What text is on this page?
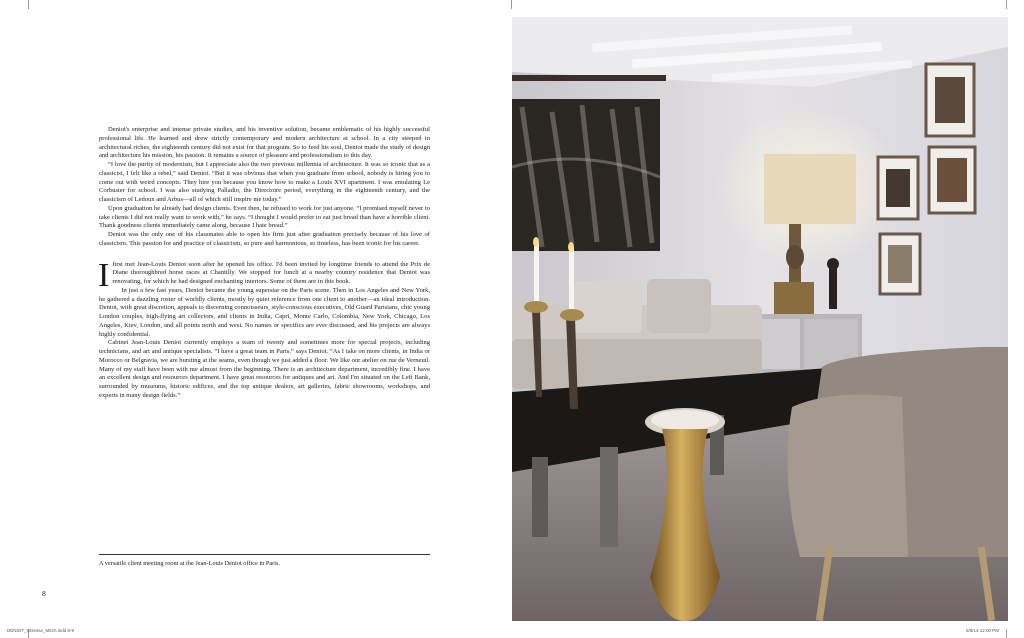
Deniot's enterprise and intense private studies, and his inventive solution, became emblematic of his highly successful professional life. He learned and drew strictly contemporary and modern architecture at school. In a city steeped in architectural riches, the eighteenth century did not exist for that program. So to feed his soul, Deniot made the study of design and architecture his mission, his passion. It remains a source of pleasure and professionalism to this day.

“I love the purity of modernism, but I appreciate also the two previous millennia of architecture. It was so iconic that as a classicist, I felt like a rebel,” said Deniot. “But it was obvious that when you graduate from school, nobody is hiring you to come out with weird concepts. They hire you because you know how to make a Louis XVI apartment. I was emulating Le Corbusier for school. I was also studying Palladio, the Directoire period, everything in the eighteenth century, and the classicism of Ledoux and Arbus—all of which still inspire me today.”

Upon graduation he already had design clients. Even then, he refused to work for just anyone. “I promised myself never to take clients I did not really want to work with,” he says. “I thought I would prefer to eat just bread than have a horrible client. Thank goodness clients immediately came along, because I hate bread.”

Deniot was the only one of his classmates able to open his firm just after graduation precisely because of his love of classicism. This passion for and practice of classicism, so pure and harmonious, so timeless, has been iconic for his career.

Ifirst met Jean-Louis Deniot soon after he opened his office. I'd been invited by longtime friends to attend the Prix de Diane thoroughbred horse races at Chantilly. We stopped for lunch at a nearby country residence that Deniot was renovating, for which he had designed enchanting interiors. Some of them are in this book.

In just a few fast years, Deniot became the young superstar on the Paris scene. Then in Los Angeles and New York, he gathered a dazzling roster of worldly clients, mostly by quiet reference from one client to another—an ideal introduction. Deniot, with great discretion, appeals to discerning connoisseurs, style-conscious executives, Old Guard Parisians, chic young London couples, high-flying art collectors, and clients in India, Capri, Monte Carlo, Colombia, New York, Chicago, Los Angeles, Kiev, London, and all points north and west. No names or specifics are ever discussed, and his projects are always highly confidential.

Cabinet Jean-Louis Deniot currently employs a team of twenty and sometimes more for special projects, including technicians, and art and antique specialists. “I have a great team in Paris,” says Deniot. “As I take on more clients, in India or Morocco or Belgravia, we are bursting at the seams, even though we just added a floor. We like our atelier on rue de Verneuil. Many of my staff have been with me almost from the beginning. There is an architecture department, incredibly fine. I have an excellent design and resources department. I have great resources for antiques and art. And I'm situated on the Left Bank, surrounded by museums, historic edifices, and the top antique dealers, art galleries, fabric showrooms, workshops, and experts in many design fields.”

A versatile client meeting room at the Jean-Louis Deniot office in Paris.
8
DENIOT_Interieur_Mech.indd 8-9	5/8/14 12:00 PM
